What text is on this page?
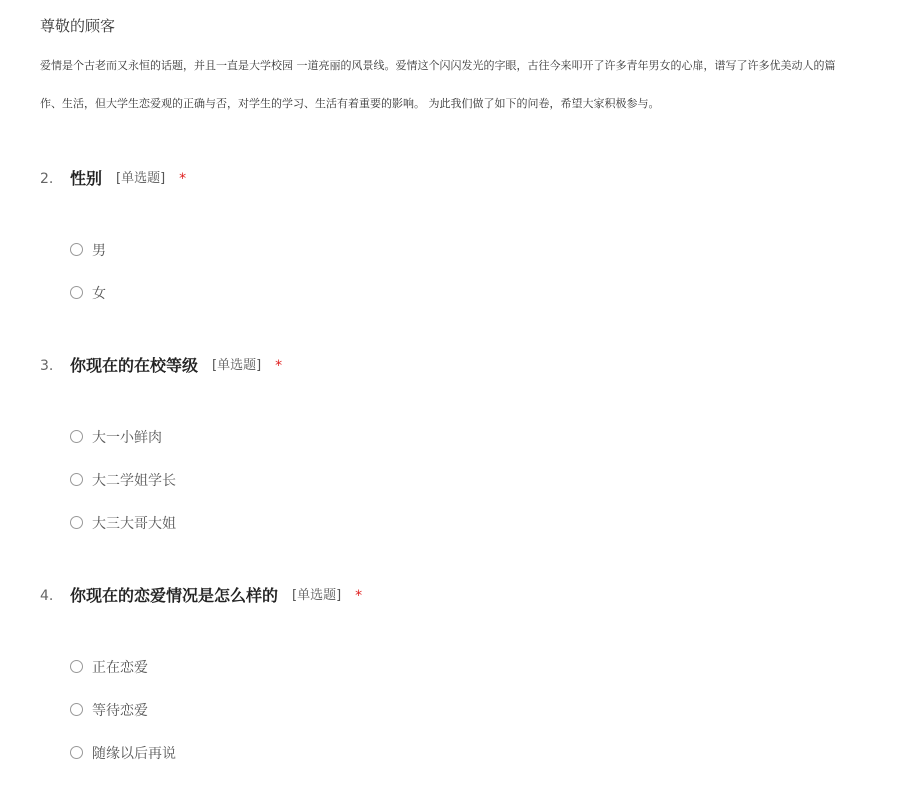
尊敬的顾客
爱情是个古老而又永恒的话题，并且一直是大学校园 一道亮丽的风景线。爱情这个闪闪发光的字眼，古往今来叩开了许多青年男女的心扉，谱写了许多优美动人的篇
作、生活，但大学生恋爱观的正确与否，对学生的学习、生活有着重要的影响。 为此我们做了如下的问卷，希望大家积极参与。
2.	性别 [单选题] *
男
女
3.	你现在的在校等级 [单选题] *
大一小鲜肉
大二学姐学长
大三大哥大姐
4.	你现在的恋爱情况是怎么样的 [单选题] *
正在恋爱
等待恋爱
随缘以后再说
